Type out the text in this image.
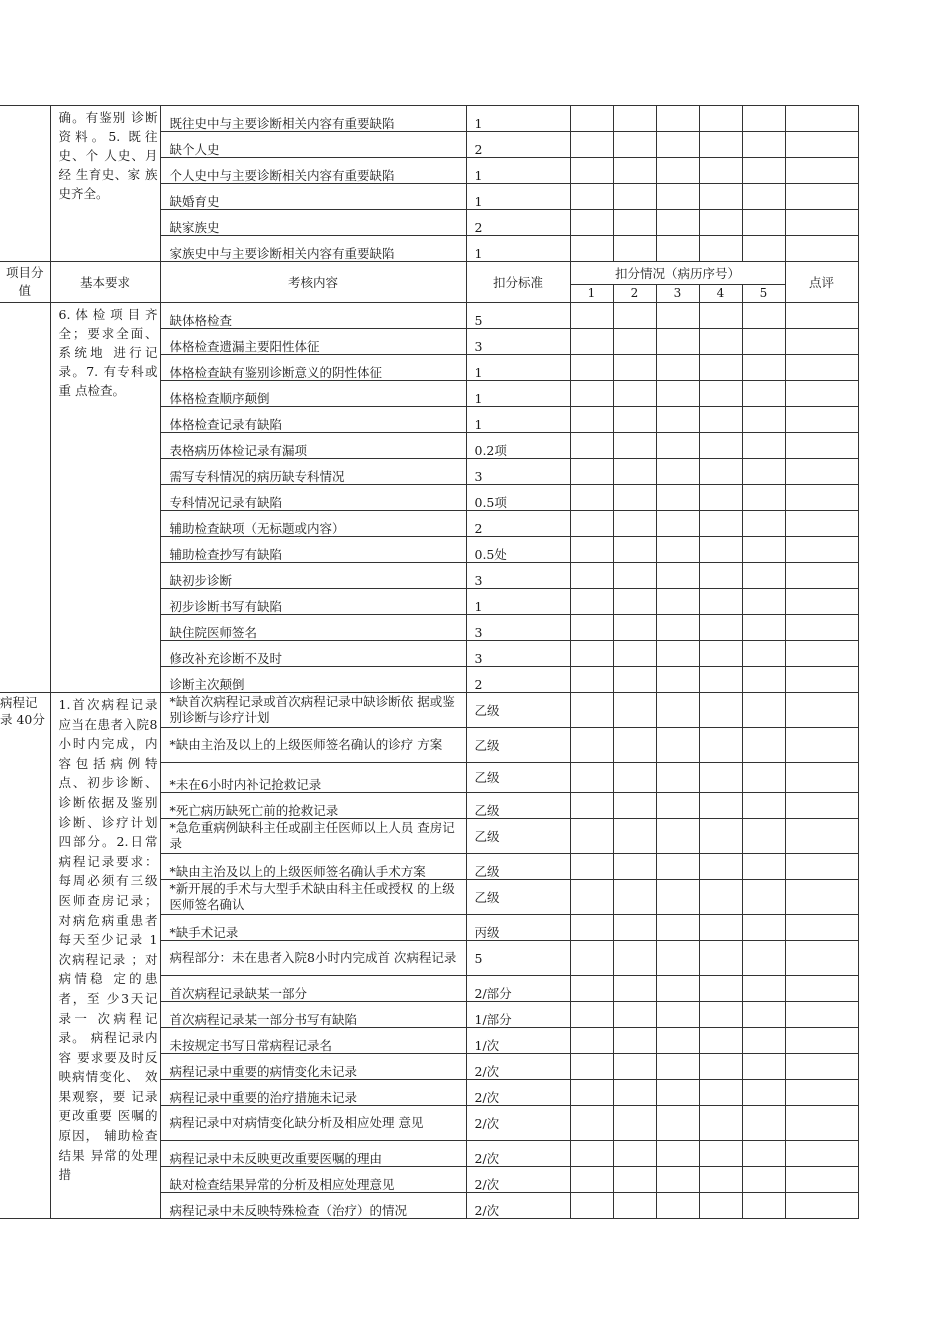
	确。有鉴别 诊断资料。5. 既往史、个 人史、月经 生育史、家 族史齐全。	既往史中与主要诊断相关内容有重要缺陷	1						
		缺个人史	2						
		个人史中与主要诊断相关内容有重要缺陷	1						
		缺婚育史	1						
		缺家族史	2						
		家族史中与主要诊断相关内容有重要缺陷	1						
项目分值	基本要求	考核内容	扣分标准	扣分情况（病历序号）					点评
				1	2	3	4	5	
	6.体检项目齐全；要求全面、系统地 进行记录。7. 有专科或重 点检查。	缺体格检查	5						
		体格检查遗漏主要阳性体征	3						
		体格检查缺有鉴别诊断意义的阴性体征	1						
		体格检查顺序颠倒	1						
		体格检查记录有缺陷	1						
		表格病历体检记录有漏项	0.2项						
		需写专科情况的病历缺专科情况	3						
		专科情况记录有缺陷	0.5项						
		辅助检查缺项（无标题或内容）	2						
		辅助检查抄写有缺陷	0.5处						
		缺初步诊断	3						
		初步诊断书写有缺陷	1						
		缺住院医师签名	3						
		修改补充诊断不及时	3						
		诊断主次颠倒	2						
病程记录 40分	1.首次病程记录应当在患者入院8小时内完成，内容包括病例特点、初步诊断、诊断依据及鉴别诊断、诊疗计划四部分。2.日常病程记录要求：每周必须有三级医师查房记录；对病危病重患者每天至少记录 1 次病程记录 ；对病情稳 定的患者，至 少3天记录一 次病程记录。 病程记录内容 要求要及时反 映病情变化、 效果观察，要 记录更改重要 医嘱的原因， 辅助检查结果 异常的处理措	*缺首次病程记录或首次病程记录中缺诊断依 据或鉴别诊断与诊疗计划	乙级						
		*缺由主治及以上的上级医师签名确认的诊疗 方案	乙级						
		*未在6小时内补记抢救记录	乙级						
		*死亡病历缺死亡前的抢救记录	乙级						
		*急危重病例缺科主任或副主任医师以上人员 查房记录	乙级						
		*缺由主治及以上的上级医师签名确认手术方案	乙级						
		*新开展的手术与大型手术缺由科主任或授权 的上级医师签名确认	乙级						
		*缺手术记录	丙级						
		病程部分：未在患者入院8小时内完成首 次病程记录	5						
		首次病程记录缺某一部分	2/部分						
		首次病程记录某一部分书写有缺陷	1/部分						
		未按规定书写日常病程记录名	1/次						
		病程记录中重要的病情变化未记录	2/次						
		病程记录中重要的治疗措施未记录	2/次						
		病程记录中对病情变化缺分析及相应处理 意见	2/次						
		病程记录中未反映更改重要医嘱的理由	2/次						
		缺对检查结果异常的分析及相应处理意见	2/次						
		病程记录中未反映特殊检查（治疗）的情况	2/次						
